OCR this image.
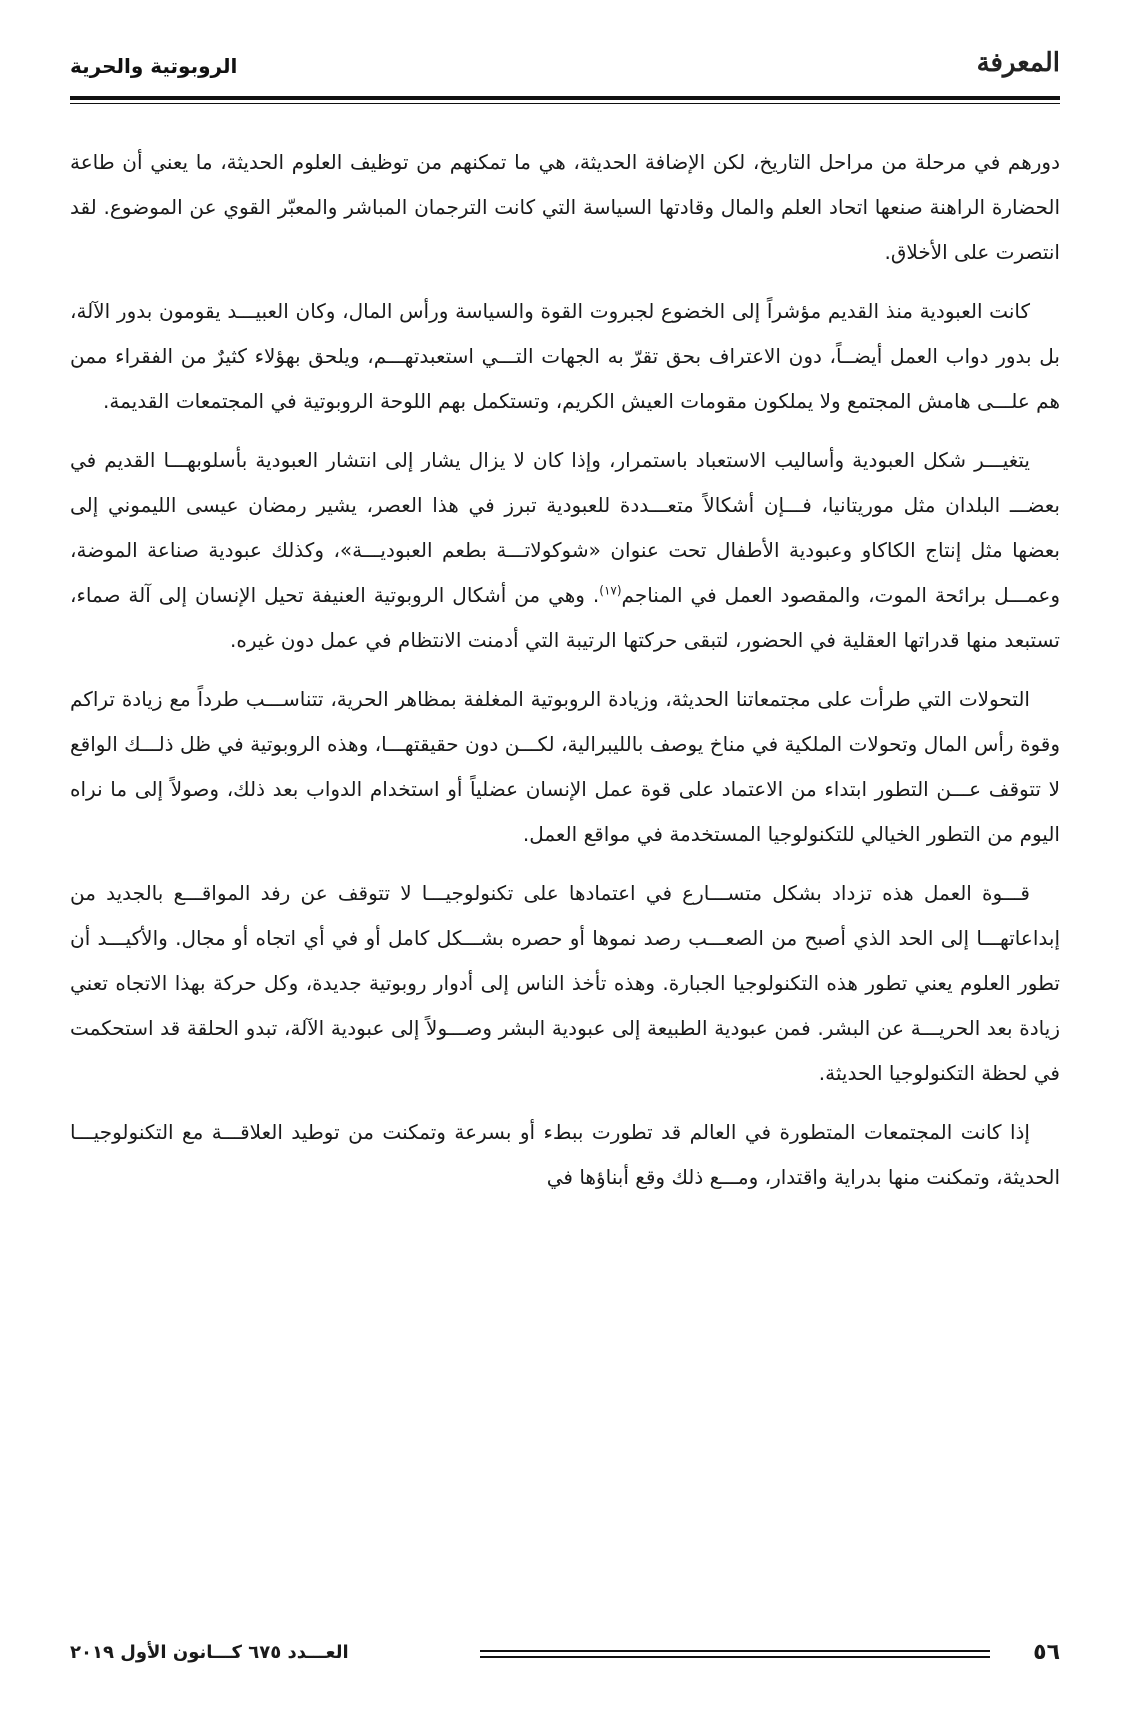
المعرفة
الروبوتية والحرية

دورهم في مرحلة من مراحل التاريخ، لكن الإضافة الحديثة، هي ما تمكنهم من توظيف العلوم الحديثة، ما يعني أن طاعة الحضارة الراهنة صنعها اتحاد العلم والمال وقادتها السياسة التي كانت الترجمان المباشر والمعبّر القوي عن الموضوع. لقد انتصرت على الأخلاق.

كانت العبودية منذ القديم مؤشراً إلى الخضوع لجبروت القوة والسياسة ورأس المال، وكان العبيـــد يقومون بدور الآلة، بل بدور دواب العمل أيضــاً، دون الاعتراف بحق تقرّ به الجهات التـــي استعبدتهـــم، ويلحق بهؤلاء كثيرٌ من الفقراء ممن هم علـــى هامش المجتمع ولا يملكون مقومات العيش الكريم، وتستكمل بهم اللوحة الروبوتية في المجتمعات القديمة.

يتغيـــر شكل العبودية وأساليب الاستعباد باستمرار، وإذا كان لا يزال يشار إلى انتشار العبودية بأسلوبهـــا القديم في بعضـــ البلدان مثل موريتانيا، فـــإن أشكالاً متعـــددة للعبودية تبرز في هذا العصر، يشير رمضان عيسى الليموني إلى بعضها مثل إنتاج الكاكاو وعبودية الأطفال تحت عنوان «شوكولاتـــة بطعم العبوديـــة»، وكذلك عبودية صناعة الموضة، وعمـــل برائحة الموت، والمقصود العمل في المناجم$^{(١٧)}$. وهي من أشكال الروبوتية العنيفة تحيل الإنسان إلى آلة صماء، تستبعد منها قدراتها العقلية في الحضور، لتبقى حركتها الرتيبة التي أدمنت الانتظام في عمل دون غيره.

التحولات التي طرأت على مجتمعاتنا الحديثة، وزيادة الروبوتية المغلفة بمظاهر الحرية، تتناســـب طرداً مع زيادة تراكم وقوة رأس المال وتحولات الملكية في مناخ يوصف بالليبرالية، لكـــن دون حقيقتهـــا، وهذه الروبوتية في ظل ذلـــك الواقع لا تتوقف عـــن التطور ابتداء من الاعتماد على قوة عمل الإنسان عضلياً أو استخدام الدواب بعد ذلك، وصولاً إلى ما نراه اليوم من التطور الخيالي للتكنولوجيا المستخدمة في مواقع العمل.

قـــوة العمل هذه تزداد بشكل متســـارع في اعتمادها على تكنولوجيـــا لا تتوقف عن رفد المواقـــع بالجديد من إبداعاتهـــا إلى الحد الذي أصبح من الصعـــب رصد نموها أو حصره بشـــكل كامل أو في أي اتجاه أو مجال. والأكيـــد أن تطور العلوم يعني تطور هذه التكنولوجيا الجبارة. وهذه تأخذ الناس إلى أدوار روبوتية جديدة، وكل حركة بهذا الاتجاه تعني زيادة بعد الحريـــة عن البشر. فمن عبودية الطبيعة إلى عبودية البشر وصـــولاً إلى عبودية الآلة، تبدو الحلقة قد استحكمت في لحظة التكنولوجيا الحديثة.

إذا كانت المجتمعات المتطورة في العالم قد تطورت ببطء أو بسرعة وتمكنت من توطيد العلاقـــة مع التكنولوجيـــا الحديثة، وتمكنت منها بدراية واقتدار، ومـــع ذلك وقع أبناؤها في

٥٦
العـــدد ٦٧٥ كـــانون الأول ٢٠١٩
